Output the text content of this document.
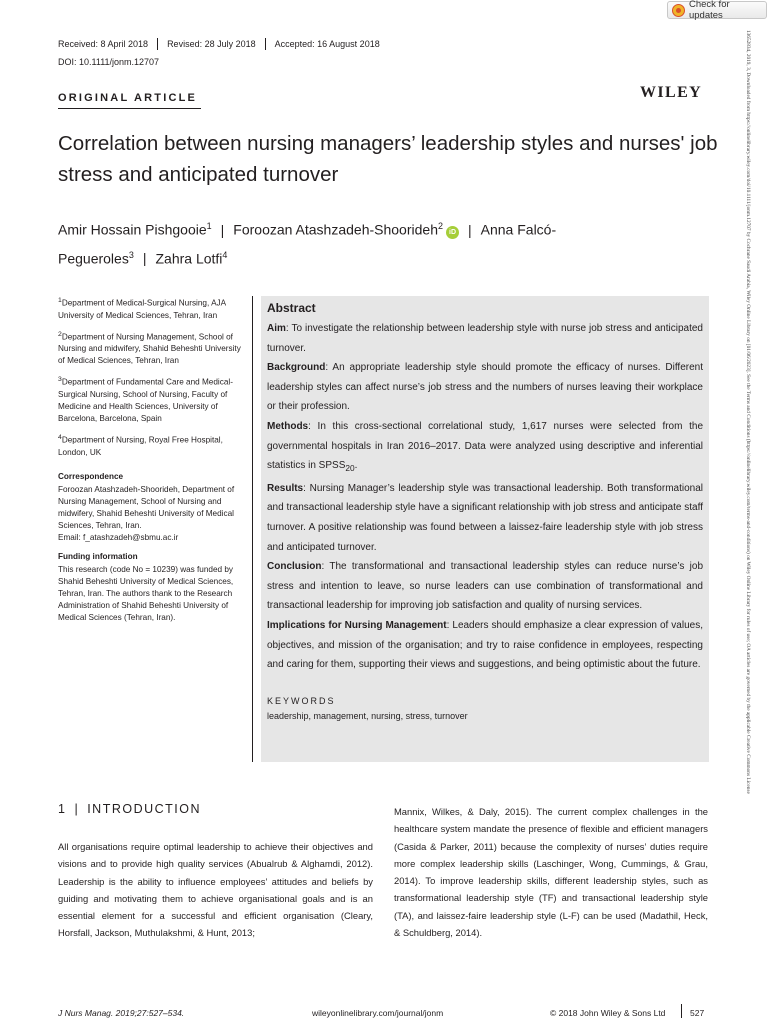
Received: 8 April 2018 Revised: 28 July 2018 Accepted: 16 August 2018
DOI: 10.1111/jonm.12707
ORIGINAL ARTICLE	WILEY
Check for updates
Correlation between nursing managers’ leadership styles and nurses' job stress and anticipated turnover
Amir Hossain Pishgooie$^1$ | Foroozan Atashzadeh-Shoorideh$^2$iD | Anna Falcó-Pegueroles$^3$ | Zahra Lotfi$^4$

$^1$Department of Medical-Surgical Nursing, AJA University of Medical Sciences, Tehran, Iran

$^2$Department of Nursing Management, School of Nursing and midwifery, Shahid Beheshti University of Medical Sciences, Tehran, Iran

$^3$Department of Fundamental Care and Medical-Surgical Nursing, School of Nursing, Faculty of Medicine and Health Sciences, University of Barcelona, Barcelona, Spain

$^4$Department of Nursing, Royal Free Hospital, London, UK

Correspondence

Foroozan Atashzadeh-Shoorideh, Department of Nursing Management, School of Nursing and midwifery, Shahid Beheshti University of Medical Sciences, Tehran, Iran.

Email: f_atashzadeh@sbmu.ac.ir

Funding information

This research (code No = 10239) was funded by Shahid Beheshti University of Medical Sciences, Tehran, Iran. The authors thank to the Research Administration of Shahid Beheshti University of Medical Sciences (Tehran, Iran).

Abstract

Aim: To investigate the relationship between leadership style with nurse job stress and anticipated turnover.

Background: An appropriate leadership style should promote the efficacy of nurses. Different leadership styles can affect nurse’s job stress and the numbers of nurses leaving their workplace or their profession.

Methods: In this cross-sectional correlational study, 1,617 nurses were selected from the governmental hospitals in Iran 2016–2017. Data were analyzed using descriptive and inferential statistics in $SPSS_{20}$.

Results: Nursing Manager’s leadership style was transactional leadership. Both transformational and transactional leadership style have a significant relationship with job stress and anticipate staff turnover. A positive relationship was found between a laissez-faire leadership style with job stress and anticipated turnover.

Conclusion: The transformational and transactional leadership styles can reduce nurse’s job stress and intention to leave, so nurse leaders can use combination of transformational and transactional leadership for improving job satisfaction and quality of nursing services.

Implications for Nursing Management: Leaders should emphasize a clear expression of values, objectives, and mission of the organisation; and try to raise confidence in employees, respecting and caring for them, supporting their views and suggestions, and being optimistic about the future.

KEYWORDS
leadership, management, nursing, stress, turnover
1 | INTRODUCTION

All organisations require optimal leadership to achieve their objectives and visions and to provide high quality services (Abualrub & Alghamdi, 2012). Leadership is the ability to influence employees’ attitudes and beliefs by guiding and motivating them to achieve organisational goals and is an essential element for a successful and efficient organisation (Cleary, Horsfall, Jackson, Muthulakshmi, & Hunt, 2013;

Mannix, Wilkes, & Daly, 2015). The current complex challenges in the healthcare system mandate the presence of flexible and efficient managers (Casida & Parker, 2011) because the complexity of nurses’ duties require more complex leadership skills (Laschinger, Wong, Cummings, & Grau, 2014). To improve leadership skills, different leadership styles, such as transformational leadership style (TF) and transactional leadership style (TA), and laissez-faire leadership style (L-F) can be used (Madathil, Heck, & Schuldberg, 2014).

J Nurs Manag. 2019;27:527–534.	wileyonlinelibrary.com/journal/jonm	© 2018 John Wiley & Sons Ltd	527
13652834, 2019, 3, Downloaded from https://onlinelibrary.wiley.com/doi/10.1111/jonm.12707 by Cochrane Saudi Arabia, Wiley Online Library on [01/06/2023]. See the Terms and Conditions (https://onlinelibrary.wiley.com/terms-and-conditions) on Wiley Online Library for rules of use; OA articles are governed by the applicable Creative Commons License
